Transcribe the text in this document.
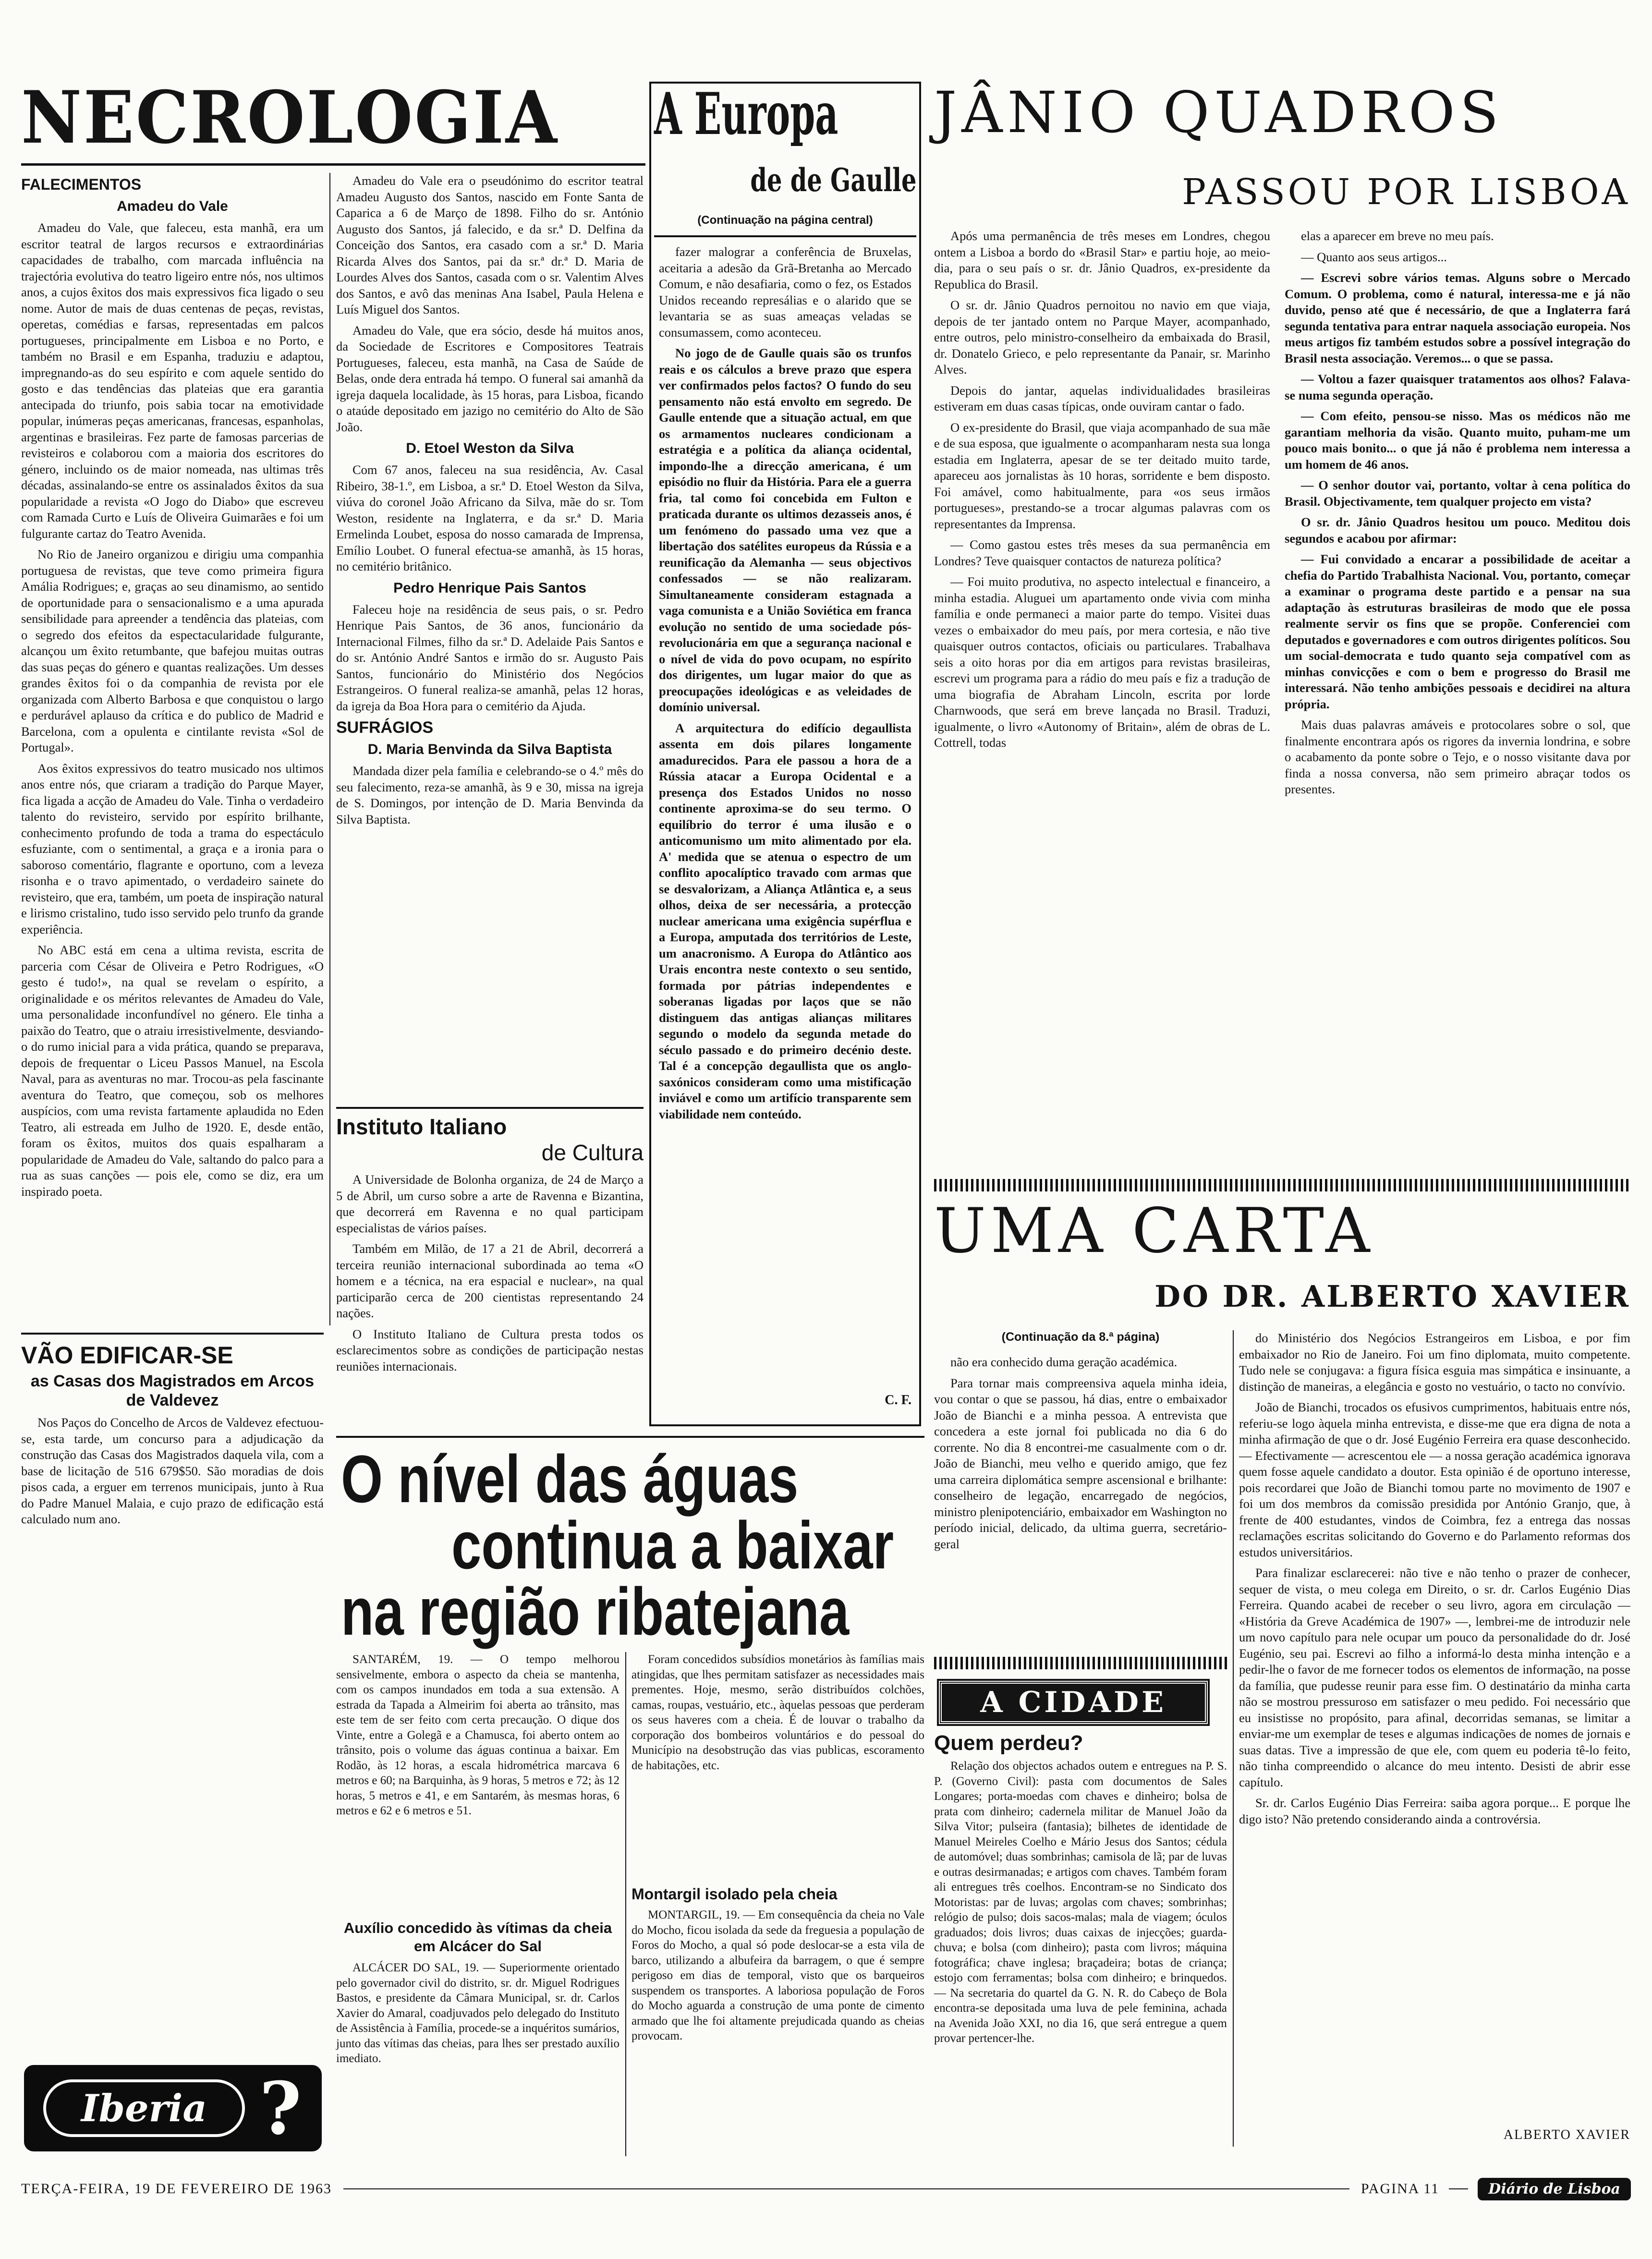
NECROLOGIA
FALECIMENTOS
Amadeu do Vale

Amadeu do Vale, que faleceu, esta manhã, era um escritor teatral de largos recursos e extraordinárias capacidades de trabalho, com marcada influência na trajectória evolutiva do teatro ligeiro entre nós, nos ultimos anos, a cujos êxitos dos mais expressivos fica ligado o seu nome. Autor de mais de duas centenas de peças, revistas, operetas, comédias e farsas, representadas em palcos portugueses, principalmente em Lisboa e no Porto, e também no Brasil e em Espanha, traduziu e adaptou, impregnando-as do seu espírito e com aquele sentido do gosto e das tendências das plateias que era garantia antecipada do triunfo, pois sabia tocar na emotividade popular, inúmeras peças americanas, francesas, espanholas, argentinas e brasileiras. Fez parte de famosas parcerias de revisteiros e colaborou com a maioria dos escritores do género, incluindo os de maior nomeada, nas ultimas três décadas, assinalando-se entre os assinalados êxitos da sua popularidade a revista «O Jogo do Diabo» que escreveu com Ramada Curto e Luís de Oliveira Guimarães e foi um fulgurante cartaz do Teatro Avenida.

No Rio de Janeiro organizou e dirigiu uma companhia portuguesa de revistas, que teve como primeira figura Amália Rodrigues; e, graças ao seu dinamismo, ao sentido de oportunidade para o sensacionalismo e a uma apurada sensibilidade para apreender a tendência das plateias, com o segredo dos efeitos da espectacularidade fulgurante, alcançou um êxito retumbante, que bafejou muitas outras das suas peças do género e quantas realizações. Um desses grandes êxitos foi o da companhia de revista por ele organizada com Alberto Barbosa e que conquistou o largo e perdurável aplauso da crítica e do publico de Madrid e Barcelona, com a opulenta e cintilante revista «Sol de Portugal».

Aos êxitos expressivos do teatro musicado nos ultimos anos entre nós, que criaram a tradição do Parque Mayer, fica ligada a acção de Amadeu do Vale. Tinha o verdadeiro talento do revisteiro, servido por espírito brilhante, conhecimento profundo de toda a trama do espectáculo esfuziante, com o sentimental, a graça e a ironia para o saboroso comentário, flagrante e oportuno, com a leveza risonha e o travo apimentado, o verdadeiro sainete do revisteiro, que era, também, um poeta de inspiração natural e lirismo cristalino, tudo isso servido pelo trunfo da grande experiência.

No ABC está em cena a ultima revista, escrita de parceria com César de Oliveira e Petro Rodrigues, «O gesto é tudo!», na qual se revelam o espírito, a originalidade e os méritos relevantes de Amadeu do Vale, uma personalidade inconfundível no género. Ele tinha a paixão do Teatro, que o atraiu irresistivelmente, desviando-o do rumo inicial para a vida prática, quando se preparava, depois de frequentar o Liceu Passos Manuel, na Escola Naval, para as aventuras no mar. Trocou-as pela fascinante aventura do Teatro, que começou, sob os melhores auspícios, com uma revista fartamente aplaudida no Eden Teatro, ali estreada em Julho de 1920. E, desde então, foram os êxitos, muitos dos quais espalharam a popularidade de Amadeu do Vale, saltando do palco para a rua as suas canções — pois ele, como se diz, era um inspirado poeta.

Amadeu do Vale era o pseudónimo do escritor teatral Amadeu Augusto dos Santos, nascido em Fonte Santa de Caparica a 6 de Março de 1898. Filho do sr. António Augusto dos Santos, já falecido, e da sr.ª D. Delfina da Conceição dos Santos, era casado com a sr.ª D. Maria Ricarda Alves dos Santos, pai da sr.ª dr.ª D. Maria de Lourdes Alves dos Santos, casada com o sr. Valentim Alves dos Santos, e avô das meninas Ana Isabel, Paula Helena e Luís Miguel dos Santos.

Amadeu do Vale, que era sócio, desde há muitos anos, da Sociedade de Escritores e Compositores Teatrais Portugueses, faleceu, esta manhã, na Casa de Saúde de Belas, onde dera entrada há tempo. O funeral sai amanhã da igreja daquela localidade, às 15 horas, para Lisboa, ficando o ataúde depositado em jazigo no cemitério do Alto de São João.

D. Etoel Weston da Silva

Com 67 anos, faleceu na sua residência, Av. Casal Ribeiro, 38-1.º, em Lisboa, a sr.ª D. Etoel Weston da Silva, viúva do coronel João Africano da Silva, mãe do sr. Tom Weston, residente na Inglaterra, e da sr.ª D. Maria Ermelinda Loubet, esposa do nosso camarada de Imprensa, Emílio Loubet. O funeral efectua-se amanhã, às 15 horas, no cemitério britânico.

Pedro Henrique Pais Santos

Faleceu hoje na residência de seus pais, o sr. Pedro Henrique Pais Santos, de 36 anos, funcionário da Internacional Filmes, filho da sr.ª D. Adelaide Pais Santos e do sr. António André Santos e irmão do sr. Augusto Pais Santos, funcionário do Ministério dos Negócios Estrangeiros. O funeral realiza-se amanhã, pelas 12 horas, da igreja da Boa Hora para o cemitério da Ajuda.

SUFRÁGIOS
D. Maria Benvinda da Silva Baptista

Mandada dizer pela família e celebrando-se o 4.º mês do seu falecimento, reza-se amanhã, às 9 e 30, missa na igreja de S. Domingos, por intenção de D. Maria Benvinda da Silva Baptista.

Instituto Italiano
de Cultura

A Universidade de Bolonha organiza, de 24 de Março a 5 de Abril, um curso sobre a arte de Ravenna e Bizantina, que decorrerá em Ravenna e no qual participam especialistas de vários países.

Também em Milão, de 17 a 21 de Abril, decorrerá a terceira reunião internacional subordinada ao tema «O homem e a técnica, na era espacial e nuclear», na qual participarão cerca de 200 cientistas representando 24 nações.

O Instituto Italiano de Cultura presta todos os esclarecimentos sobre as condições de participação nestas reuniões internacionais.

VÃO EDIFICAR-SE
as Casas dos Magistrados em Arcos de Valdevez

Nos Paços do Concelho de Arcos de Valdevez efectuou-se, esta tarde, um concurso para a adjudicação da construção das Casas dos Magistrados daquela vila, com a base de licitação de 516 679$50. São moradias de dois pisos cada, a erguer em terrenos municipais, junto à Rua do Padre Manuel Malaia, e cujo prazo de edificação está calculado num ano.

Iberia ?
A Europa
de de Gaulle
(Continuação na página central)

fazer malograr a conferência de Bruxelas, aceitaria a adesão da Grã-Bretanha ao Mercado Comum, e não desafiaria, como o fez, os Estados Unidos receando represálias e o alarido que se levantaria se as suas ameaças veladas se consumassem, como aconteceu.

No jogo de de Gaulle quais são os trunfos reais e os cálculos a breve prazo que espera ver confirmados pelos factos? O fundo do seu pensamento não está envolto em segredo. De Gaulle entende que a situação actual, em que os armamentos nucleares condicionam a estratégia e a política da aliança ocidental, impondo-lhe a direcção americana, é um episódio no fluir da História. Para ele a guerra fria, tal como foi concebida em Fulton e praticada durante os ultimos dezasseis anos, é um fenómeno do passado uma vez que a libertação dos satélites europeus da Rússia e a reunificação da Alemanha — seus objectivos confessados — se não realizaram. Simultaneamente consideram estagnada a vaga comunista e a União Soviética em franca evolução no sentido de uma sociedade pós-revolucionária em que a segurança nacional e o nível de vida do povo ocupam, no espírito dos dirigentes, um lugar maior do que as preocupações ideológicas e as veleidades de domínio universal.

A arquitectura do edifício degaullista assenta em dois pilares longamente amadurecidos. Para ele passou a hora de a Rússia atacar a Europa Ocidental e a presença dos Estados Unidos no nosso continente aproxima-se do seu termo. O equilíbrio do terror é uma ilusão e o anticomunismo um mito alimentado por ela. A' medida que se atenua o espectro de um conflito apocalíptico travado com armas que se desvalorizam, a Aliança Atlântica e, a seus olhos, deixa de ser necessária, a protecção nuclear americana uma exigência supérflua e a Europa, amputada dos territórios de Leste, um anacronismo. A Europa do Atlântico aos Urais encontra neste contexto o seu sentido, formada por pátrias independentes e soberanas ligadas por laços que se não distinguem das antigas alianças militares segundo o modelo da segunda metade do século passado e do primeiro decénio deste. Tal é a concepção degaullista que os anglo-saxónicos consideram como uma mistificação inviável e como um artifício transparente sem viabilidade nem conteúdo.

C. F.
JÂNIO QUADROS
PASSOU POR LISBOA

Após uma permanência de três meses em Londres, chegou ontem a Lisboa a bordo do «Brasil Star» e partiu hoje, ao meio-dia, para o seu país o sr. dr. Jânio Quadros, ex-presidente da Republica do Brasil.

O sr. dr. Jânio Quadros pernoitou no navio em que viaja, depois de ter jantado ontem no Parque Mayer, acompanhado, entre outros, pelo ministro-conselheiro da embaixada do Brasil, dr. Donatelo Grieco, e pelo representante da Panair, sr. Marinho Alves.

Depois do jantar, aquelas individualidades brasileiras estiveram em duas casas típicas, onde ouviram cantar o fado.

O ex-presidente do Brasil, que viaja acompanhado de sua mãe e de sua esposa, que igualmente o acompanharam nesta sua longa estadia em Inglaterra, apesar de se ter deitado muito tarde, apareceu aos jornalistas às 10 horas, sorridente e bem disposto. Foi amável, como habitualmente, para «os seus irmãos portugueses», prestando-se a trocar algumas palavras com os representantes da Imprensa.

— Como gastou estes três meses da sua permanência em Londres? Teve quaisquer contactos de natureza política?

— Foi muito produtiva, no aspecto intelectual e financeiro, a minha estadia. Aluguei um apartamento onde vivia com minha família e onde permaneci a maior parte do tempo. Visitei duas vezes o embaixador do meu país, por mera cortesia, e não tive quaisquer outros contactos, oficiais ou particulares. Trabalhava seis a oito horas por dia em artigos para revistas brasileiras, escrevi um programa para a rádio do meu país e fiz a tradução de uma biografia de Abraham Lincoln, escrita por lorde Charnwoods, que será em breve lançada no Brasil. Traduzi, igualmente, o livro «Autonomy of Britain», além de obras de L. Cottrell, todas

elas a aparecer em breve no meu país.

— Quanto aos seus artigos...

— Escrevi sobre vários temas. Alguns sobre o Mercado Comum. O problema, como é natural, interessa-me e já não duvido, penso até que é necessário, de que a Inglaterra fará segunda tentativa para entrar naquela associação europeia. Nos meus artigos fiz também estudos sobre a possível integração do Brasil nesta associação. Veremos... o que se passa.

— Voltou a fazer quaisquer tratamentos aos olhos? Falava-se numa segunda operação.

— Com efeito, pensou-se nisso. Mas os médicos não me garantiam melhoria da visão. Quanto muito, puham-me um pouco mais bonito... o que já não é problema nem interessa a um homem de 46 anos.

— O senhor doutor vai, portanto, voltar à cena política do Brasil. Objectivamente, tem qualquer projecto em vista?

O sr. dr. Jânio Quadros hesitou um pouco. Meditou dois segundos e acabou por afirmar:

— Fui convidado a encarar a possibilidade de aceitar a chefia do Partido Trabalhista Nacional. Vou, portanto, começar a examinar o programa deste partido e a pensar na sua adaptação às estruturas brasileiras de modo que ele possa realmente servir os fins que se propõe. Conferenciei com deputados e governadores e com outros dirigentes políticos. Sou um social-democrata e tudo quanto seja compatível com as minhas convicções e com o bem e progresso do Brasil me interessará. Não tenho ambições pessoais e decidirei na altura própria.

Mais duas palavras amáveis e protocolares sobre o sol, que finalmente encontrara após os rigores da invernia londrina, e sobre o acabamento da ponte sobre o Tejo, e o nosso visitante dava por finda a nossa conversa, não sem primeiro abraçar todos os presentes.

UMA CARTA
DO DR. ALBERTO XAVIER
(Continuação da 8.ª página)

não era conhecido duma geração académica.

Para tornar mais compreensiva aquela minha ideia, vou contar o que se passou, há dias, entre o embaixador João de Bianchi e a minha pessoa. A entrevista que concedera a este jornal foi publicada no dia 6 do corrente. No dia 8 encontrei-me casualmente com o dr. João de Bianchi, meu velho e querido amigo, que fez uma carreira diplomática sempre ascensional e brilhante: conselheiro de legação, encarregado de negócios, ministro plenipotenciário, embaixador em Washington no período inicial, delicado, da ultima guerra, secretário-geral

do Ministério dos Negócios Estrangeiros em Lisboa, e por fim embaixador no Rio de Janeiro. Foi um fino diplomata, muito competente. Tudo nele se conjugava: a figura física esguia mas simpática e insinuante, a distinção de maneiras, a elegância e gosto no vestuário, o tacto no convívio.

João de Bianchi, trocados os efusivos cumprimentos, habituais entre nós, referiu-se logo àquela minha entrevista, e disse-me que era digna de nota a minha afirmação de que o dr. José Eugénio Ferreira era quase desconhecido. — Efectivamente — acrescentou ele — a nossa geração académica ignorava quem fosse aquele candidato a doutor. Esta opinião é de oportuno interesse, pois recordarei que João de Bianchi tomou parte no movimento de 1907 e foi um dos membros da comissão presidida por António Granjo, que, à frente de 400 estudantes, vindos de Coimbra, fez a entrega das nossas reclamações escritas solicitando do Governo e do Parlamento reformas dos estudos universitários.

Para finalizar esclarecerei: não tive e não tenho o prazer de conhecer, sequer de vista, o meu colega em Direito, o sr. dr. Carlos Eugénio Dias Ferreira. Quando acabei de receber o seu livro, agora em circulação — «História da Greve Académica de 1907» —, lembrei-me de introduzir nele um novo capítulo para nele ocupar um pouco da personalidade do dr. José Eugénio, seu pai. Escrevi ao filho a informá-lo desta minha intenção e a pedir-lhe o favor de me fornecer todos os elementos de informação, na posse da família, que pudesse reunir para esse fim. O destinatário da minha carta não se mostrou pressuroso em satisfazer o meu pedido. Foi necessário que eu insistisse no propósito, para afinal, decorridas semanas, se limitar a enviar-me um exemplar de teses e algumas indicações de nomes de jornais e suas datas. Tive a impressão de que ele, com quem eu poderia tê-lo feito, não tinha compreendido o alcance do meu intento. Desisti de abrir esse capítulo.

Sr. dr. Carlos Eugénio Dias Ferreira: saiba agora porque... E porque lhe digo isto? Não pretendo considerando ainda a controvérsia.

ALBERTO XAVIER
A CIDADE
Quem perdeu?

Relação dos objectos achados outem e entregues na P. S. P. (Governo Civil): pasta com documentos de Sales Longares; porta-moedas com chaves e dinheiro; bolsa de prata com dinheiro; cadernela militar de Manuel João da Silva Vitor; pulseira (fantasia); bilhetes de identidade de Manuel Meireles Coelho e Mário Jesus dos Santos; cédula de automóvel; duas sombrinhas; camisola de lã; par de luvas e outras desirmanadas; e artigos com chaves. Também foram ali entregues três coelhos. Encontram-se no Sindicato dos Motoristas: par de luvas; argolas com chaves; sombrinhas; relógio de pulso; dois sacos-malas; mala de viagem; óculos graduados; dois livros; duas caixas de injecções; guarda-chuva; e bolsa (com dinheiro); pasta com livros; máquina fotográfica; chave inglesa; braçadeira; botas de criança; estojo com ferramentas; bolsa com dinheiro; e brinquedos. — Na secretaria do quartel da G. N. R. do Cabeço de Bola encontra-se depositada uma luva de pele feminina, achada na Avenida João XXI, no dia 16, que será entregue a quem provar pertencer-lhe.

O nível das águas
continua a baixar
na região ribatejana

SANTARÉM, 19. — O tempo melhorou sensivelmente, embora o aspecto da cheia se mantenha, com os campos inundados em toda a sua extensão. A estrada da Tapada a Almeirim foi aberta ao trânsito, mas este tem de ser feito com certa precaução. O dique dos Vinte, entre a Golegã e a Chamusca, foi aberto ontem ao trânsito, pois o volume das águas continua a baixar. Em Rodão, às 12 horas, a escala hidrométrica marcava 6 metros e 60; na Barquinha, às 9 horas, 5 metros e 72; às 12 horas, 5 metros e 41, e em Santarém, às mesmas horas, 6 metros e 62 e 6 metros e 51.

Auxílio concedido às vítimas da cheia em Alcácer do Sal

ALCÁCER DO SAL, 19. — Superiormente orientado pelo governador civil do distrito, sr. dr. Miguel Rodrigues Bastos, e presidente da Câmara Municipal, sr. dr. Carlos Xavier do Amaral, coadjuvados pelo delegado do Instituto de Assistência à Família, procede-se a inquéritos sumários, junto das vítimas das cheias, para lhes ser prestado auxílio imediato.

Foram concedidos subsídios monetários às famílias mais atingidas, que lhes permitam satisfazer as necessidades mais prementes. Hoje, mesmo, serão distribuídos colchões, camas, roupas, vestuário, etc., àquelas pessoas que perderam os seus haveres com a cheia. É de louvar o trabalho da corporação dos bombeiros voluntários e do pessoal do Município na desobstrução das vias publicas, escoramento de habitações, etc.

Montargil isolado pela cheia

MONTARGIL, 19. — Em consequência da cheia no Vale do Mocho, ficou isolada da sede da freguesia a população de Foros do Mocho, a qual só pode deslocar-se a esta vila de barco, utilizando a albufeira da barragem, o que é sempre perigoso em dias de temporal, visto que os barqueiros suspendem os transportes. A laboriosa população de Foros do Mocho aguarda a construção de uma ponte de cimento armado que lhe foi altamente prejudicada quando as cheias provocam.

TERÇA-FEIRA, 19 DE FEVEREIRO DE 1963	PAGINA 11	Diário de Lisboa
